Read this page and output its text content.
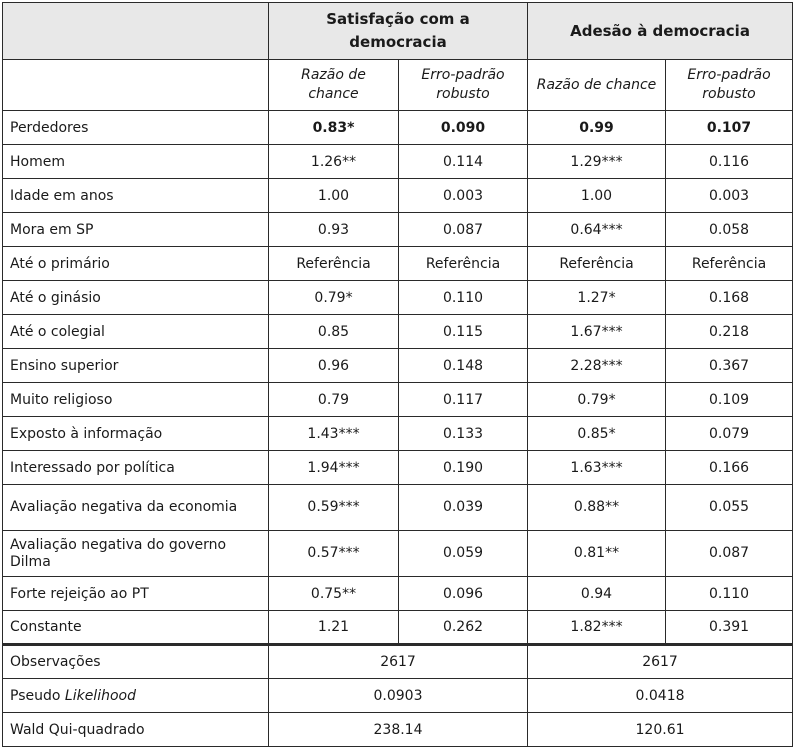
	Satisfação com a democracia		Adesão à democracia	
	Razão de chance	Erro-padrão robusto	Razão de chance	Erro-padrão robusto
Perdedores	0.83*	0.090	0.99	0.107
Homem	1.26**	0.114	1.29***	0.116
Idade em anos	1.00	0.003	1.00	0.003
Mora em SP	0.93	0.087	0.64***	0.058
Até o primário	Referência	Referência	Referência	Referência
Até o ginásio	0.79*	0.110	1.27*	0.168
Até o colegial	0.85	0.115	1.67***	0.218
Ensino superior	0.96	0.148	2.28***	0.367
Muito religioso	0.79	0.117	0.79*	0.109
Exposto à informação	1.43***	0.133	0.85*	0.079
Interessado por política	1.94***	0.190	1.63***	0.166
Avaliação negativa da economia	0.59***	0.039	0.88**	0.055
Avaliação negativa do governo Dilma	0.57***	0.059	0.81**	0.087
Forte rejeição ao PT	0.75**	0.096	0.94	0.110
Constante	1.21	0.262	1.82***	0.391
Observações	2617		2617	
Pseudo Likelihood	0.0903		0.0418	
Wald Qui-quadrado	238.14		120.61	
